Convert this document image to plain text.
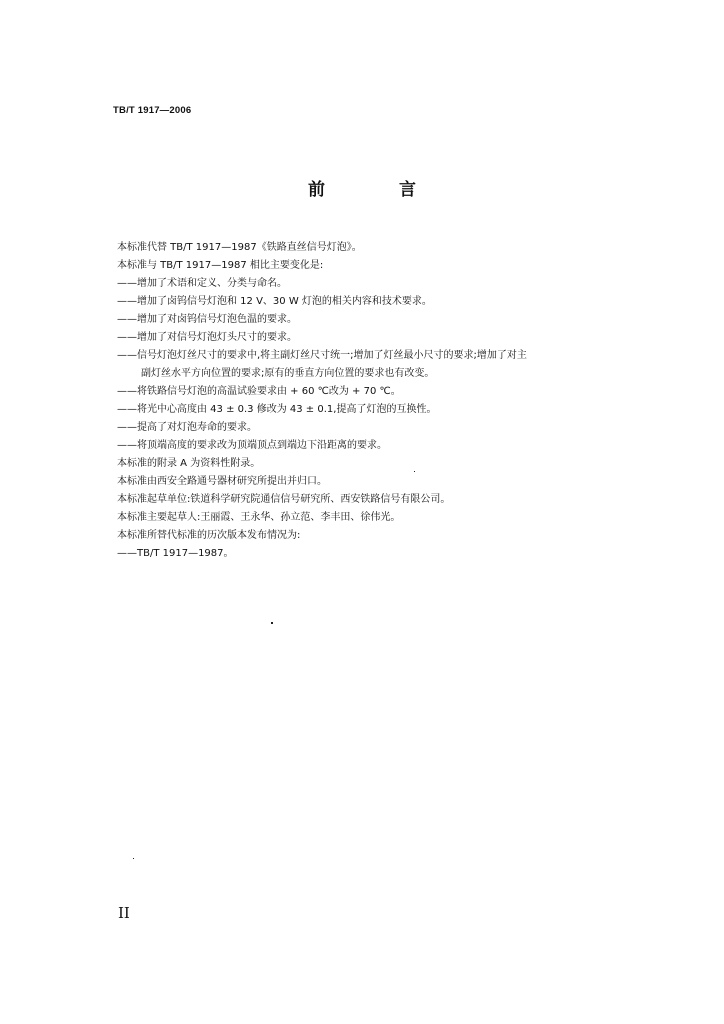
TB/T 1917—2006
前 言

本标准代替 TB/T 1917—1987《铁路直丝信号灯泡》。

本标准与 TB/T 1917—1987 相比主要变化是:

——增加了术语和定义、分类与命名。

——增加了卤钨信号灯泡和 12 V、30 W 灯泡的相关内容和技术要求。

——增加了对卤钨信号灯泡色温的要求。

——增加了对信号灯泡灯头尺寸的要求。

——信号灯泡灯丝尺寸的要求中,将主副灯丝尺寸统一;增加了灯丝最小尺寸的要求;增加了对主

副灯丝水平方向位置的要求;原有的垂直方向位置的要求也有改变。

——将铁路信号灯泡的高温试验要求由 + 60 ℃改为 + 70 ℃。

——将光中心高度由 43 ± 0.3 修改为 43 ± 0.1,提高了灯泡的互换性。

——提高了对灯泡寿命的要求。

——将顶端高度的要求改为顶端顶点到端边下沿距离的要求。

本标准的附录 A 为资料性附录。

本标准由西安全路通号器材研究所提出并归口。

本标准起草单位:铁道科学研究院通信信号研究所、西安铁路信号有限公司。

本标准主要起草人:王丽霞、王永华、孙立范、李丰田、徐伟光。

本标准所替代标准的历次版本发布情况为:

——TB/T 1917—1987。

II
